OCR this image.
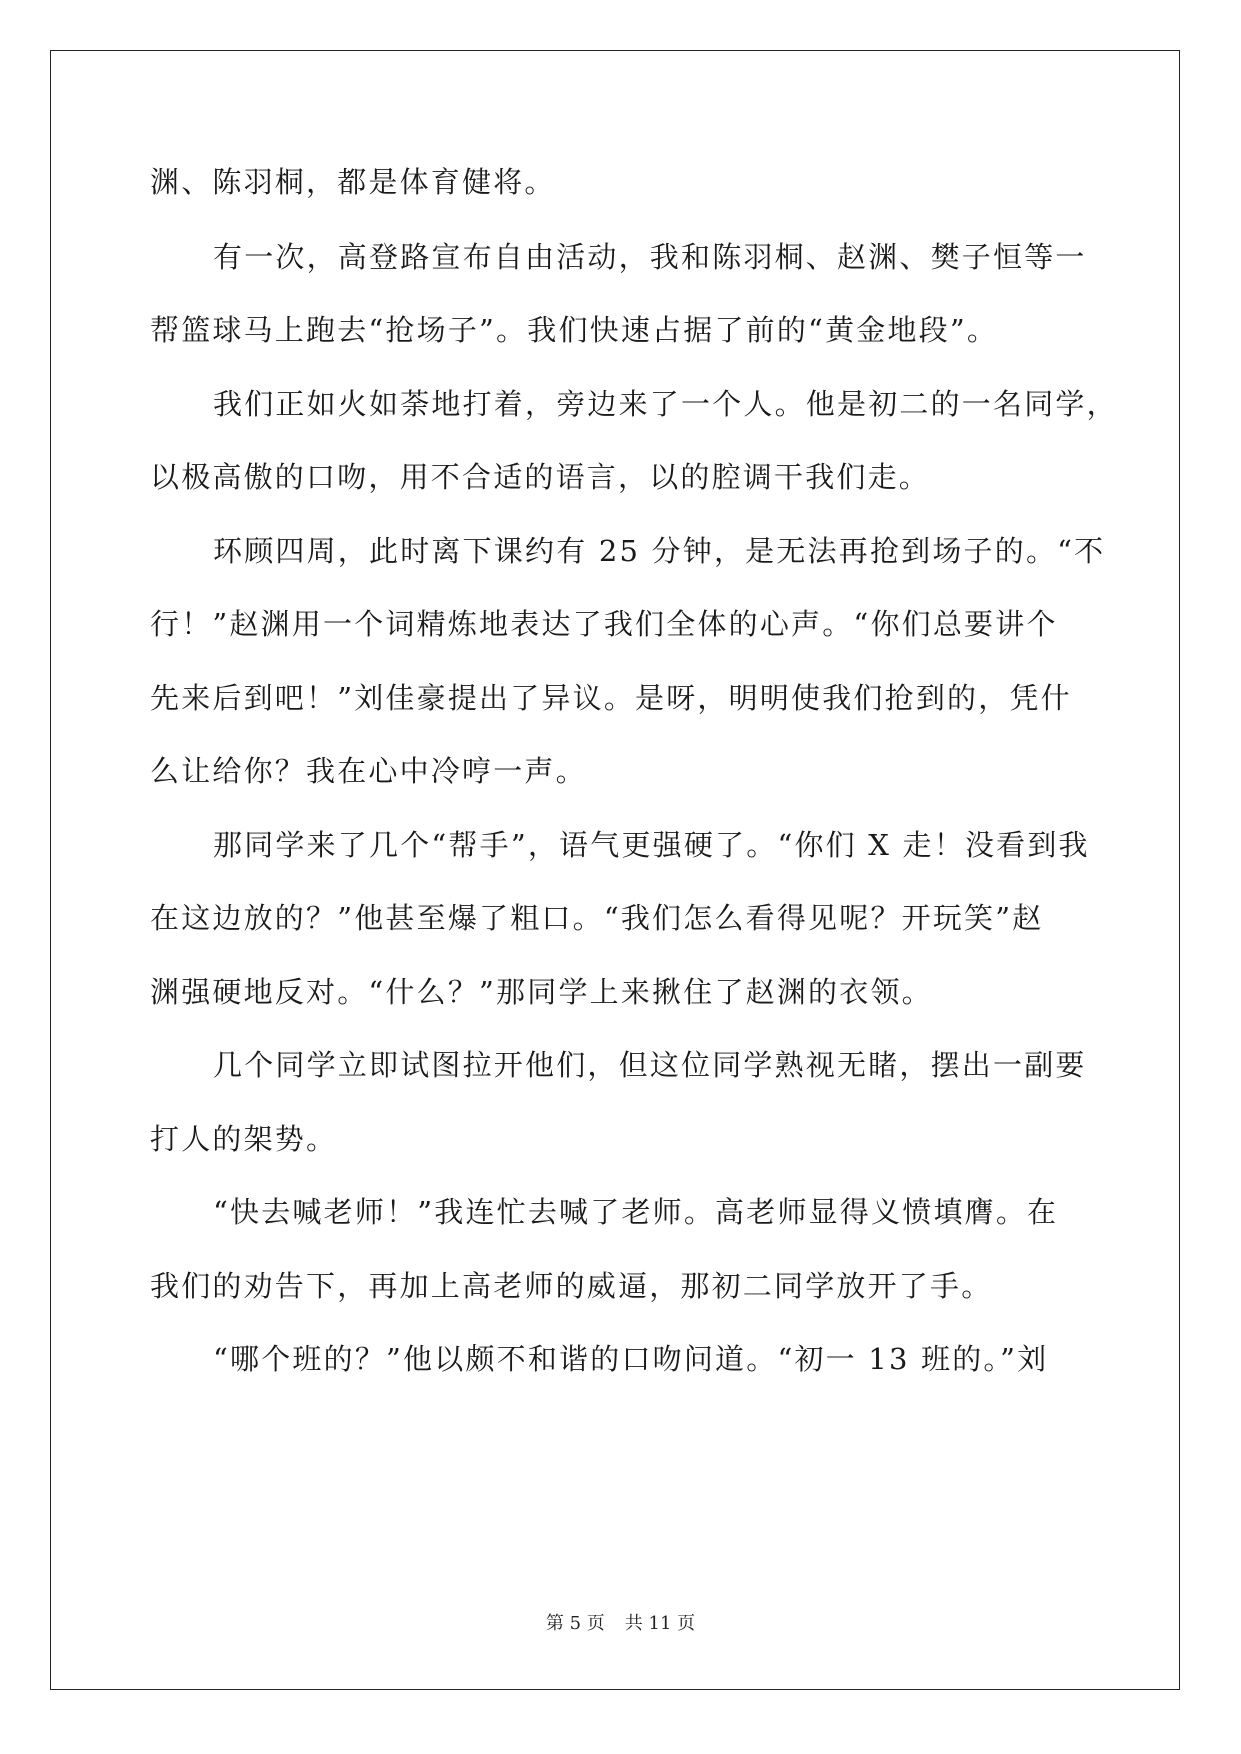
渊、陈羽桐，都是体育健将。
有一次，高登路宣布自由活动，我和陈羽桐、赵渊、樊子恒等一
帮篮球马上跑去“抢场子”。我们快速占据了前的“黄金地段”。
我们正如火如荼地打着，旁边来了一个人。他是初二的一名同学，
以极高傲的口吻，用不合适的语言，以的腔调干我们走。
环顾四周，此时离下课约有 25 分钟，是无法再抢到场子的。“不
行！”赵渊用一个词精炼地表达了我们全体的心声。“你们总要讲个
先来后到吧！”刘佳豪提出了异议。是呀，明明使我们抢到的，凭什
么让给你？我在心中冷哼一声。
那同学来了几个“帮手”，语气更强硬了。“你们 X 走！没看到我
在这边放的？”他甚至爆了粗口。“我们怎么看得见呢？开玩笑”赵
渊强硬地反对。“什么？”那同学上来揪住了赵渊的衣领。
几个同学立即试图拉开他们，但这位同学熟视无睹，摆出一副要
打人的架势。
“快去喊老师！”我连忙去喊了老师。高老师显得义愤填膺。在
我们的劝告下，再加上高老师的威逼，那初二同学放开了手。
“哪个班的？”他以颇不和谐的口吻问道。“初一 13 班的。”刘
第 5 页 共 11 页
